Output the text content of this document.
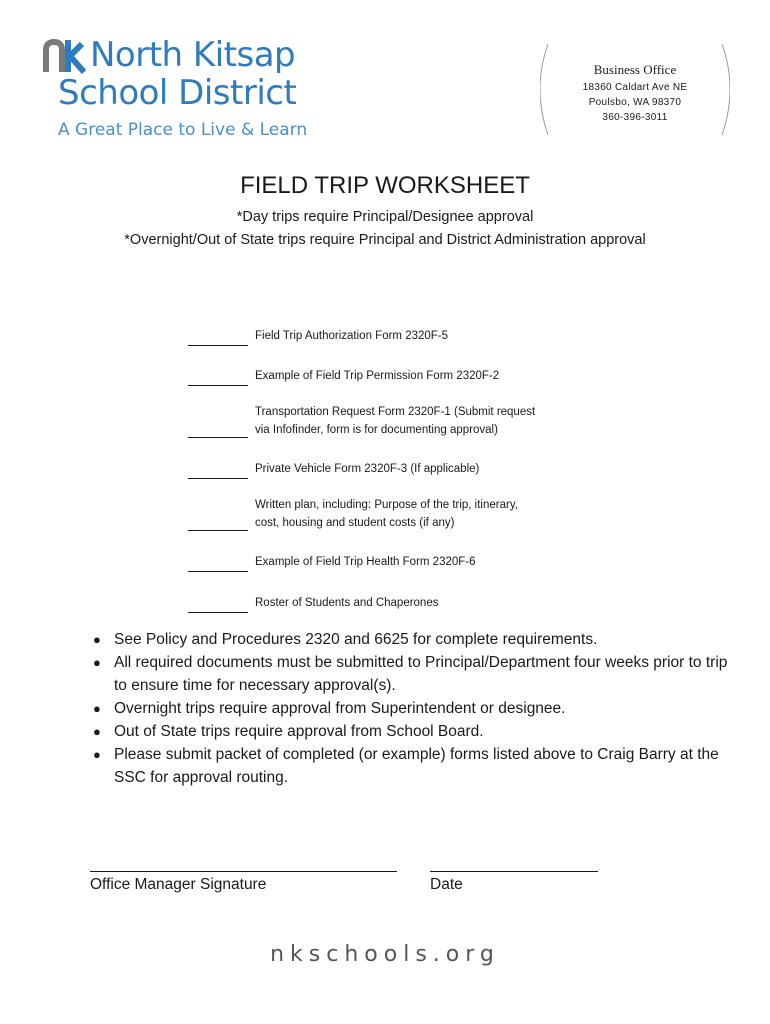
North Kitsap
School District
A Great Place to Live & Learn
Business Office
18360 Caldart Ave NE
Poulsbo, WA 98370
360-396-3011
FIELD TRIP WORKSHEET
*Day trips require Principal/Designee approval
*Overnight/Out of State trips require Principal and District Administration approval
Field Trip Authorization Form 2320F-5
Example of Field Trip Permission Form 2320F-2
Transportation Request Form 2320F-1 (Submit request
via Infofinder, form is for documenting approval)
Private Vehicle Form 2320F-3 (If applicable)
Written plan, including: Purpose of the trip, itinerary,
cost, housing and student costs (if any)
Example of Field Trip Health Form 2320F-6
Roster of Students and Chaperones
● See Policy and Procedures 2320 and 6625 for complete requirements.
● All required documents must be submitted to Principal/Department four weeks prior to trip to ensure time for necessary approval(s).
● Overnight trips require approval from Superintendent or designee.
● Out of State trips require approval from School Board.
● Please submit packet of completed (or example) forms listed above to Craig Barry at the SSC for approval routing.
Office Manager Signature	Date
nkschools.org
